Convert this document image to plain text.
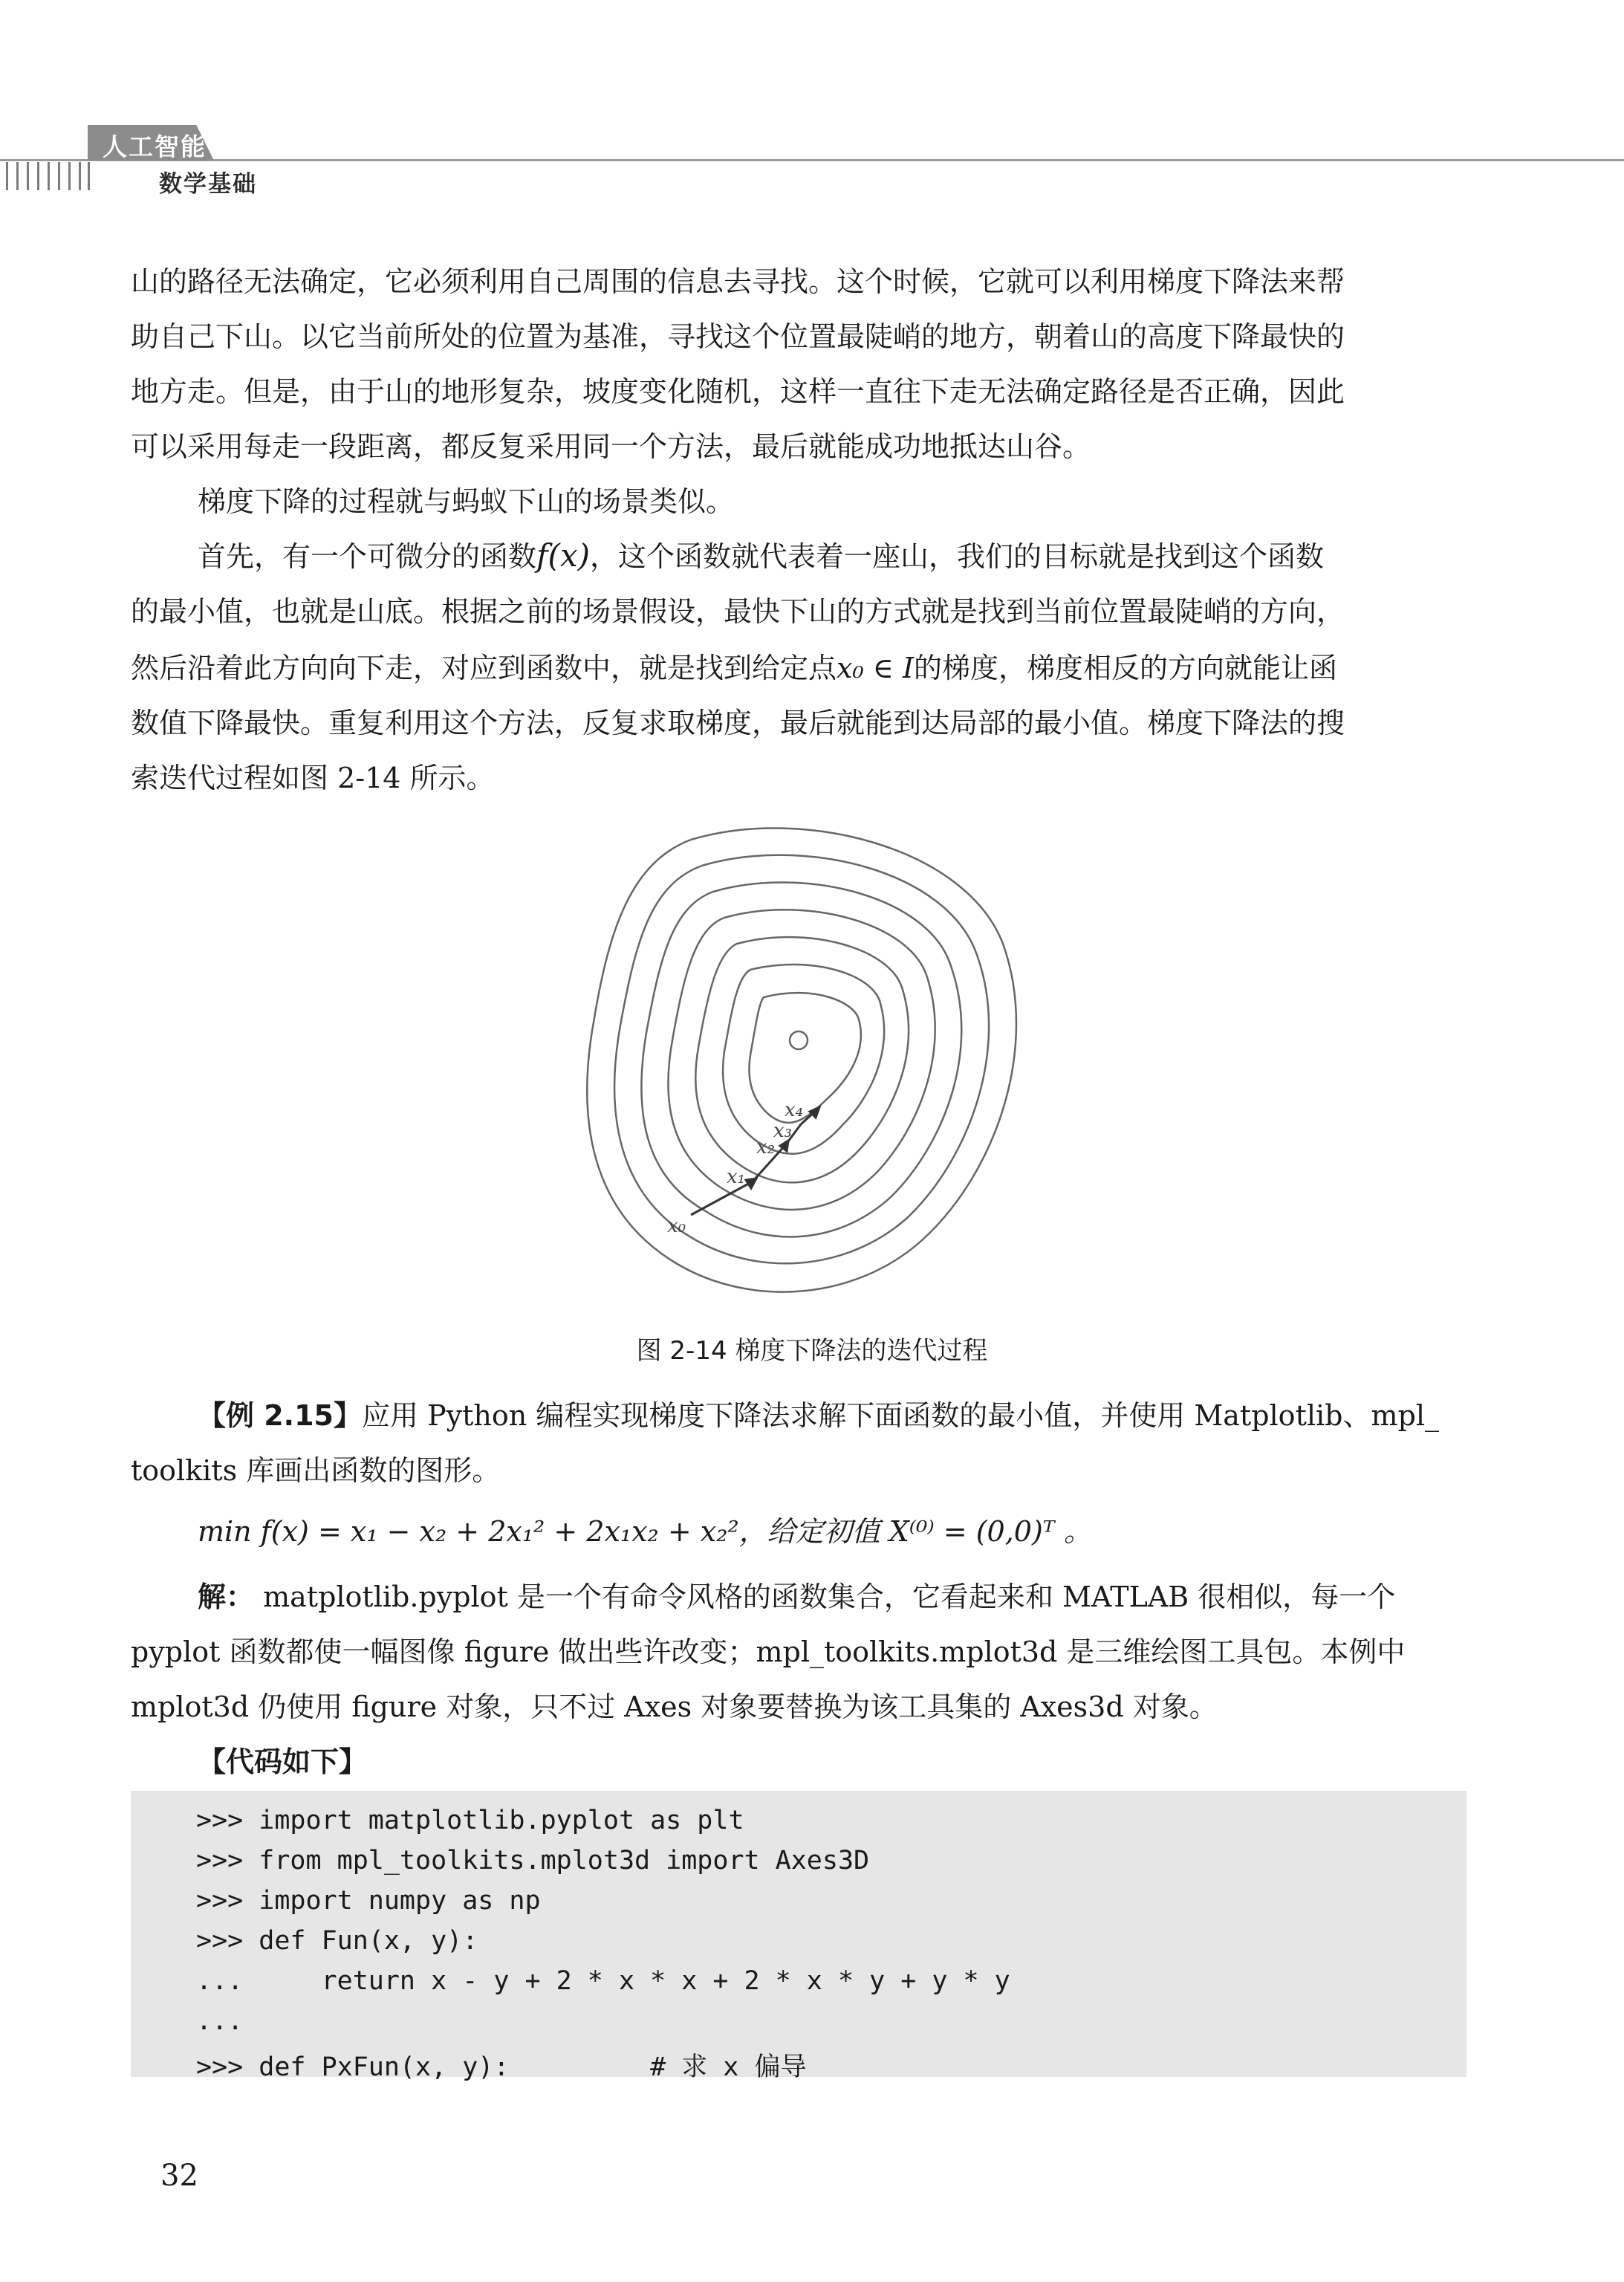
人工智能
数学基础
山的路径无法确定，它必须利用自己周围的信息去寻找。这个时候，它就可以利用梯度下降法来帮
助自己下山。以它当前所处的位置为基准，寻找这个位置最陡峭的地方，朝着山的高度下降最快的
地方走。但是，由于山的地形复杂，坡度变化随机，这样一直往下走无法确定路径是否正确，因此
可以采用每走一段距离，都反复采用同一个方法，最后就能成功地抵达山谷。
梯度下降的过程就与蚂蚁下山的场景类似。
首先，有一个可微分的函数f(x)，这个函数就代表着一座山，我们的目标就是找到这个函数
的最小值，也就是山底。根据之前的场景假设，最快下山的方式就是找到当前位置最陡峭的方向，
然后沿着此方向向下走，对应到函数中，就是找到给定点x₀ ∈ I的梯度，梯度相反的方向就能让函
数值下降最快。重复利用这个方法，反复求取梯度，最后就能到达局部的最小值。梯度下降法的搜
索迭代过程如图 2-14 所示。
x₀
x₁
x₂
x₃
x₄
图 2-14 梯度下降法的迭代过程
【例 2.15】应用 Python 编程实现梯度下降法求解下面函数的最小值，并使用 Matplotlib、mpl_
toolkits 库画出函数的图形。
min f(x) = x₁ − x₂ + 2x₁² + 2x₁x₂ + x₂²，给定初值 X⁽⁰⁾ = (0,0)ᵀ 。
解： matplotlib.pyplot 是一个有命令风格的函数集合，它看起来和 MATLAB 很相似，每一个
pyplot 函数都使一幅图像 figure 做出些许改变；mpl_toolkits.mplot3d 是三维绘图工具包。本例中
mplot3d 仍使用 figure 对象，只不过 Axes 对象要替换为该工具集的 Axes3d 对象。
【代码如下】
>>> import matplotlib.pyplot as plt
>>> from mpl_toolkits.mplot3d import Axes3D
>>> import numpy as np
>>> def Fun(x, y):
...     return x - y + 2 * x * x + 2 * x * y + y * y
...
>>> def PxFun(x, y):         # 求 x 偏导
32
